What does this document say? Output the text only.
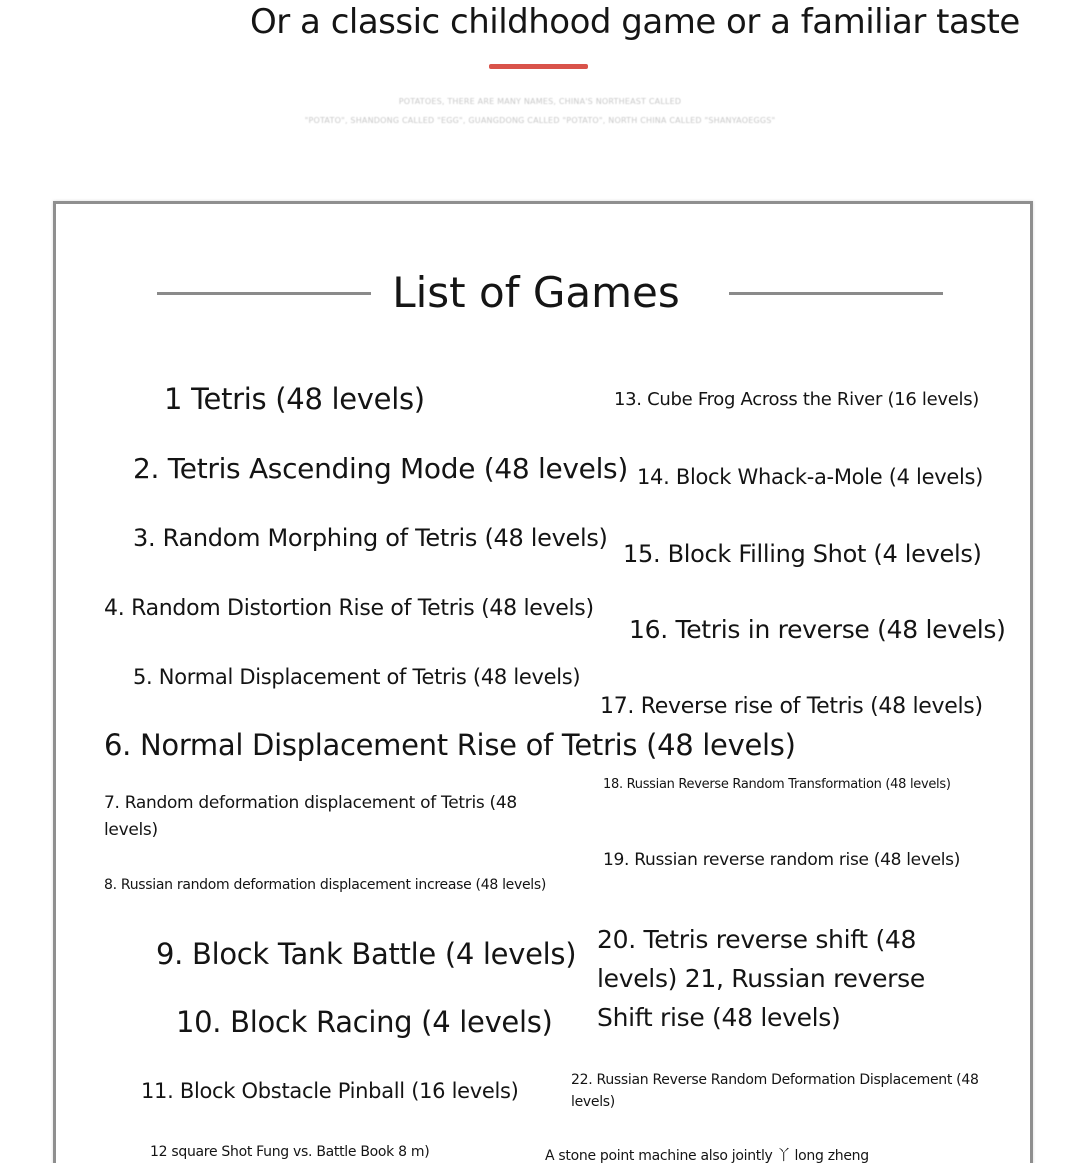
Or a classic childhood game or a familiar taste
POTATOES, THERE ARE MANY NAMES, CHINA'S NORTHEAST CALLED
"POTATO", SHANDONG CALLED "EGG", GUANGDONG CALLED "POTATO", NORTH CHINA CALLED "SHANYAOEGGS"
List of Games
1 Tetris (48 levels)
2. Tetris Ascending Mode (48 levels)
3. Random Morphing of Tetris (48 levels)
4. Random Distortion Rise of Tetris (48 levels)
5. Normal Displacement of Tetris (48 levels)
6. Normal Displacement Rise of Tetris (48 levels)
7. Random deformation displacement of Tetris (48 levels)
8. Russian random deformation displacement increase (48 levels)
9. Block Tank Battle (4 levels)
10. Block Racing (4 levels)
11. Block Obstacle Pinball (16 levels)
12 square Shot Fung vs. Battle Book 8 m)
13. Cube Frog Across the River (16 levels)
14. Block Whack-a-Mole (4 levels)
15. Block Filling Shot (4 levels)
16. Tetris in reverse (48 levels)
17. Reverse rise of Tetris (48 levels)
18. Russian Reverse Random Transformation (48 levels)
19. Russian reverse random rise (48 levels)
20. Tetris reverse shift (48 levels) 21, Russian reverse Shift rise (48 levels)
22. Russian Reverse Random Deformation Displacement (48 levels)
A stone point machine also jointly 丫 long zheng
